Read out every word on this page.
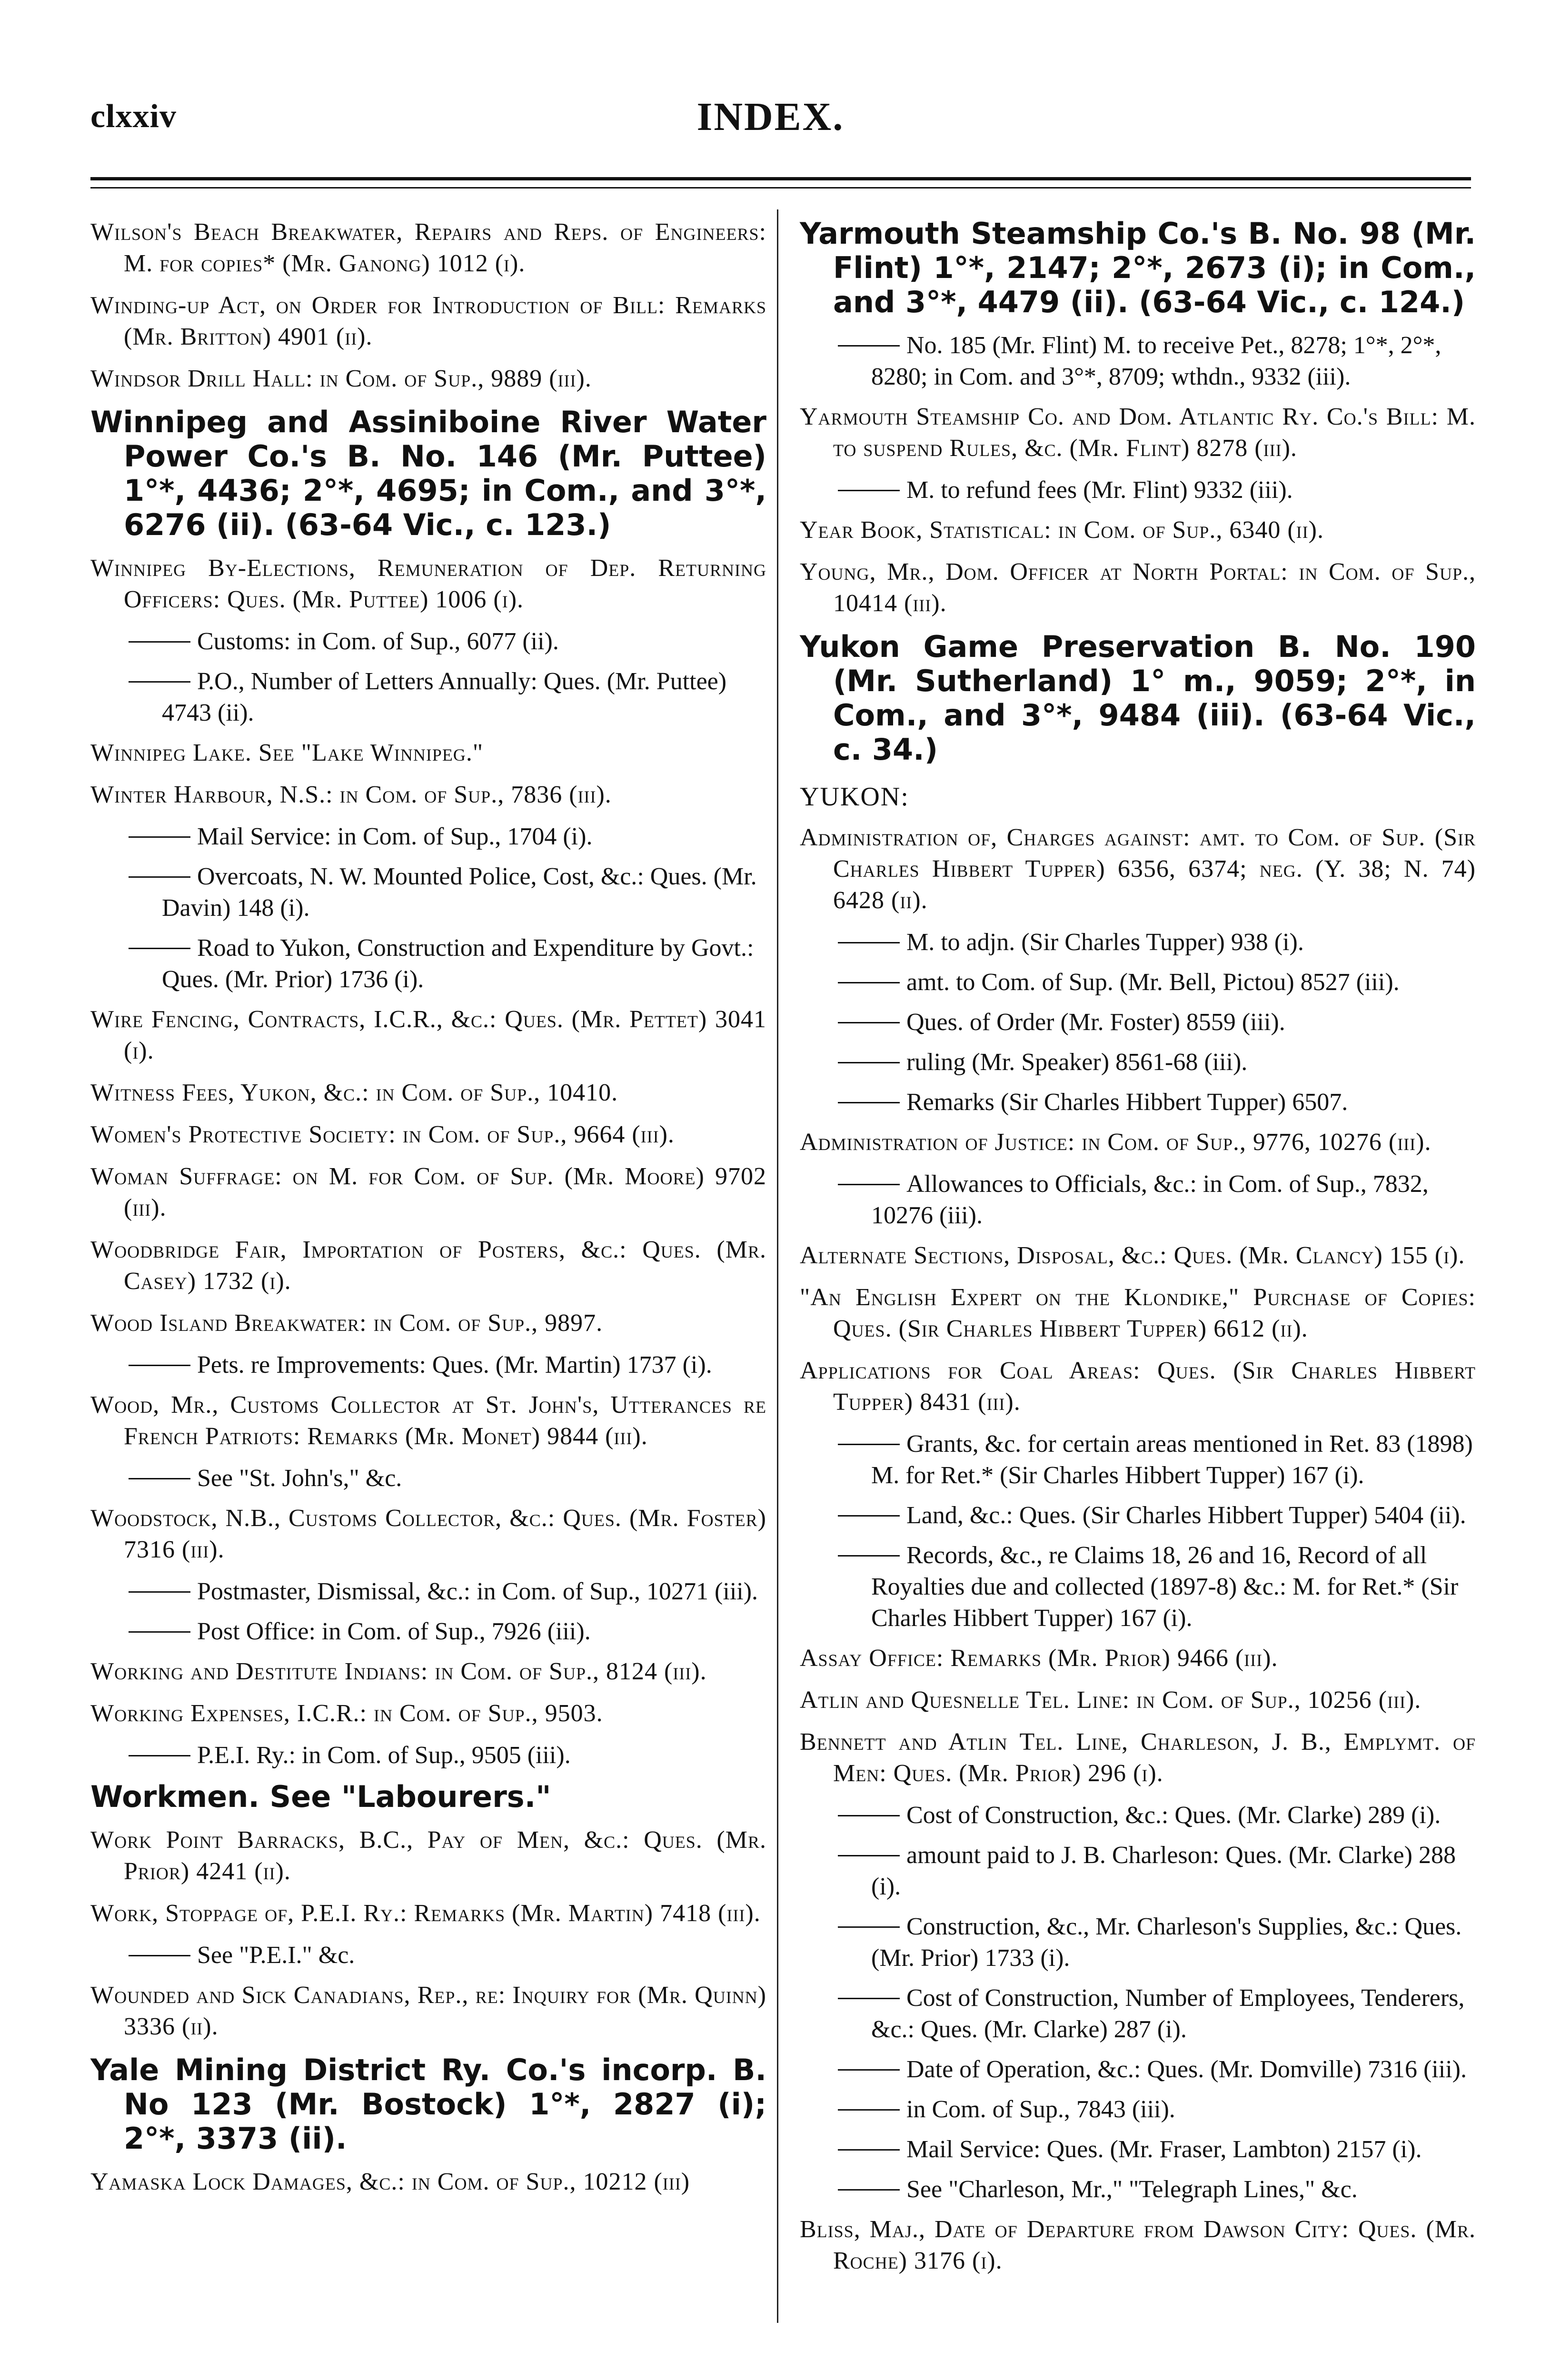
clxxiv	INDEX.
Wilson's Beach Breakwater, Repairs and Reps. of Engineers: M. for copies* (Mr. Ganong) 1012 (i).
Winding-up Act, on Order for Introduction of Bill: Remarks (Mr. Britton) 4901 (ii).
Windsor Drill Hall: in Com. of Sup., 9889 (iii).
Winnipeg and Assiniboine River Water Power Co.'s B. No. 146 (Mr. Puttee) 1°*, 4436; 2°*, 4695; in Com., and 3°*, 6276 (ii). (63-64 Vic., c. 123.)
Winnipeg By-Elections, Remuneration of Dep. Returning Officers: Ques. (Mr. Puttee) 1006 (i).
Customs: in Com. of Sup., 6077 (ii).
P.O., Number of Letters Annually: Ques. (Mr. Puttee) 4743 (ii).
Winnipeg Lake. See "Lake Winnipeg."
Winter Harbour, N.S.: in Com. of Sup., 7836 (iii).
Mail Service: in Com. of Sup., 1704 (i).
Overcoats, N. W. Mounted Police, Cost, &c.: Ques. (Mr. Davin) 148 (i).
Road to Yukon, Construction and Expenditure by Govt.: Ques. (Mr. Prior) 1736 (i).
Wire Fencing, Contracts, I.C.R., &c.: Ques. (Mr. Pettet) 3041 (i).
Witness Fees, Yukon, &c.: in Com. of Sup., 10410.
Women's Protective Society: in Com. of Sup., 9664 (iii).
Woman Suffrage: on M. for Com. of Sup. (Mr. Moore) 9702 (iii).
Woodbridge Fair, Importation of Posters, &c.: Ques. (Mr. Casey) 1732 (i).
Wood Island Breakwater: in Com. of Sup., 9897.
Pets. re Improvements: Ques. (Mr. Martin) 1737 (i).
Wood, Mr., Customs Collector at St. John's, Utterances re French Patriots: Remarks (Mr. Monet) 9844 (iii).
See "St. John's," &c.
Woodstock, N.B., Customs Collector, &c.: Ques. (Mr. Foster) 7316 (iii).
Postmaster, Dismissal, &c.: in Com. of Sup., 10271 (iii).
Post Office: in Com. of Sup., 7926 (iii).
Working and Destitute Indians: in Com. of Sup., 8124 (iii).
Working Expenses, I.C.R.: in Com. of Sup., 9503.
P.E.I. Ry.: in Com. of Sup., 9505 (iii).
Workmen. See "Labourers."
Work Point Barracks, B.C., Pay of Men, &c.: Ques. (Mr. Prior) 4241 (ii).
Work, Stoppage of, P.E.I. Ry.: Remarks (Mr. Martin) 7418 (iii).
See "P.E.I." &c.
Wounded and Sick Canadians, Rep., re: Inquiry for (Mr. Quinn) 3336 (ii).
Yale Mining District Ry. Co.'s incorp. B. No 123 (Mr. Bostock) 1°*, 2827 (i); 2°*, 3373 (ii).
Yamaska Lock Damages, &c.: in Com. of Sup., 10212 (iii)
Yarmouth Steamship Co.'s B. No. 98 (Mr. Flint) 1°*, 2147; 2°*, 2673 (i); in Com., and 3°*, 4479 (ii). (63-64 Vic., c. 124.)
No. 185 (Mr. Flint) M. to receive Pet., 8278; 1°*, 2°*, 8280; in Com. and 3°*, 8709; wthdn., 9332 (iii).
Yarmouth Steamship Co. and Dom. Atlantic Ry. Co.'s Bill: M. to suspend Rules, &c. (Mr. Flint) 8278 (iii).
M. to refund fees (Mr. Flint) 9332 (iii).
Year Book, Statistical: in Com. of Sup., 6340 (ii).
Young, Mr., Dom. Officer at North Portal: in Com. of Sup., 10414 (iii).
Yukon Game Preservation B. No. 190 (Mr. Sutherland) 1° m., 9059; 2°*, in Com., and 3°*, 9484 (iii). (63-64 Vic., c. 34.)
YUKON:
Administration of, Charges against: amt. to Com. of Sup. (Sir Charles Hibbert Tupper) 6356, 6374; neg. (Y. 38; N. 74) 6428 (ii).
M. to adjn. (Sir Charles Tupper) 938 (i).
amt. to Com. of Sup. (Mr. Bell, Pictou) 8527 (iii).
Ques. of Order (Mr. Foster) 8559 (iii).
ruling (Mr. Speaker) 8561-68 (iii).
Remarks (Sir Charles Hibbert Tupper) 6507.
Administration of Justice: in Com. of Sup., 9776, 10276 (iii).
Allowances to Officials, &c.: in Com. of Sup., 7832, 10276 (iii).
Alternate Sections, Disposal, &c.: Ques. (Mr. Clancy) 155 (i).
"An English Expert on the Klondike," Purchase of Copies: Ques. (Sir Charles Hibbert Tupper) 6612 (ii).
Applications for Coal Areas: Ques. (Sir Charles Hibbert Tupper) 8431 (iii).
Grants, &c. for certain areas mentioned in Ret. 83 (1898) M. for Ret.* (Sir Charles Hibbert Tupper) 167 (i).
Land, &c.: Ques. (Sir Charles Hibbert Tupper) 5404 (ii).
Records, &c., re Claims 18, 26 and 16, Record of all Royalties due and collected (1897-8) &c.: M. for Ret.* (Sir Charles Hibbert Tupper) 167 (i).
Assay Office: Remarks (Mr. Prior) 9466 (iii).
Atlin and Quesnelle Tel. Line: in Com. of Sup., 10256 (iii).
Bennett and Atlin Tel. Line, Charleson, J. B., Emplymt. of Men: Ques. (Mr. Prior) 296 (i).
Cost of Construction, &c.: Ques. (Mr. Clarke) 289 (i).
amount paid to J. B. Charleson: Ques. (Mr. Clarke) 288 (i).
Construction, &c., Mr. Charleson's Supplies, &c.: Ques. (Mr. Prior) 1733 (i).
Cost of Construction, Number of Employees, Tenderers, &c.: Ques. (Mr. Clarke) 287 (i).
Date of Operation, &c.: Ques. (Mr. Domville) 7316 (iii).
in Com. of Sup., 7843 (iii).
Mail Service: Ques. (Mr. Fraser, Lambton) 2157 (i).
See "Charleson, Mr.," "Telegraph Lines," &c.
Bliss, Maj., Date of Departure from Dawson City: Ques. (Mr. Roche) 3176 (i).
